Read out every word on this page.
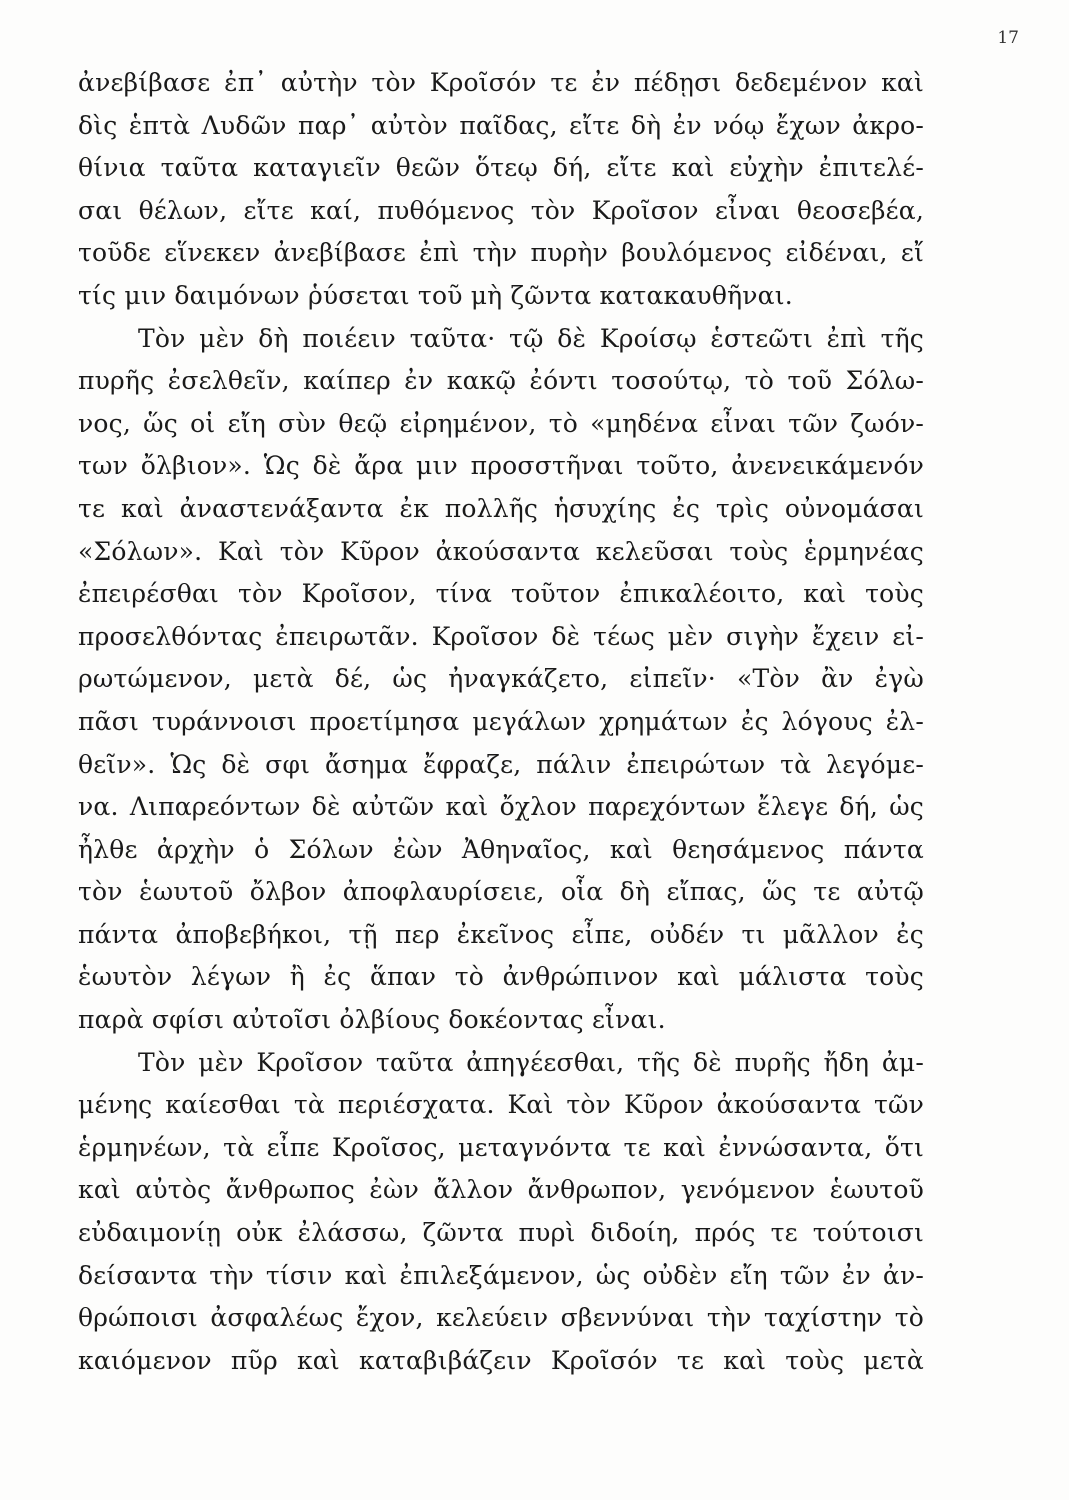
17
ἀνεβίβασε ἐπ᾽ αὐτὴν τὸν Κροῖσόν τε ἐν πέδῃσι δεδεμένον καὶ
δὶς ἑπτὰ Λυδῶν παρ᾽ αὐτὸν παῖδας, εἴτε δὴ ἐν νόῳ ἔχων ἀκρο-
θίνια ταῦτα καταγιεῖν θεῶν ὅτεῳ δή, εἴτε καὶ εὐχὴν ἐπιτελέ-
σαι θέλων, εἴτε καί, πυθόμενος τὸν Κροῖσον εἶναι θεοσεβέα,
τοῦδε εἵνεκεν ἀνεβίβασε ἐπὶ τὴν πυρὴν βουλόμενος εἰδέναι, εἴ
τίς μιν δαιμόνων ῥύσεται τοῦ μὴ ζῶντα κατακαυθῆναι.
Τὸν μὲν δὴ ποιέειν ταῦτα· τῷ δὲ Κροίσῳ ἑστεῶτι ἐπὶ τῆς
πυρῆς ἐσελθεῖν, καίπερ ἐν κακῷ ἐόντι τοσούτῳ, τὸ τοῦ Σόλω-
νος, ὥς οἱ εἴη σὺν θεῷ εἰρημένον, τὸ «μηδένα εἶναι τῶν ζωόν-
των ὄλβιον». Ὡς δὲ ἄρα μιν προσστῆναι τοῦτο, ἀνενεικάμενόν
τε καὶ ἀναστενάξαντα ἐκ πολλῆς ἡσυχίης ἐς τρὶς οὐνομάσαι
«Σόλων». Καὶ τὸν Κῦρον ἀκούσαντα κελεῦσαι τοὺς ἑρμηνέας
ἐπειρέσθαι τὸν Κροῖσον, τίνα τοῦτον ἐπικαλέοιτο, καὶ τοὺς
προσελθόντας ἐπειρωτᾶν. Κροῖσον δὲ τέως μὲν σιγὴν ἔχειν εἰ-
ρωτώμενον, μετὰ δέ, ὡς ἠναγκάζετο, εἰπεῖν· «Τὸν ἂν ἐγὼ
πᾶσι τυράννοισι προετίμησα μεγάλων χρημάτων ἐς λόγους ἐλ-
θεῖν». Ὡς δὲ σφι ἄσημα ἔφραζε, πάλιν ἐπειρώτων τὰ λεγόμε-
να. Λιπαρεόντων δὲ αὐτῶν καὶ ὄχλον παρεχόντων ἔλεγε δή, ὡς
ἦλθε ἀρχὴν ὁ Σόλων ἐὼν Ἀθηναῖος, καὶ θεησάμενος πάντα
τὸν ἑωυτοῦ ὄλβον ἀποφλαυρίσειε, οἷα δὴ εἴπας, ὥς τε αὐτῷ
πάντα ἀποβεβήκοι, τῇ περ ἐκεῖνος εἶπε, οὐδέν τι μᾶλλον ἐς
ἑωυτὸν λέγων ἢ ἐς ἅπαν τὸ ἀνθρώπινον καὶ μάλιστα τοὺς
παρὰ σφίσι αὐτοῖσι ὀλβίους δοκέοντας εἶναι.
Τὸν μὲν Κροῖσον ταῦτα ἀπηγέεσθαι, τῆς δὲ πυρῆς ἤδη ἀμ-
μένης καίεσθαι τὰ περιέσχατα. Καὶ τὸν Κῦρον ἀκούσαντα τῶν
ἑρμηνέων, τὰ εἶπε Κροῖσος, μεταγνόντα τε καὶ ἐννώσαντα, ὅτι
καὶ αὐτὸς ἄνθρωπος ἐὼν ἄλλον ἄνθρωπον, γενόμενον ἑωυτοῦ
εὐδαιμονίῃ οὐκ ἐλάσσω, ζῶντα πυρὶ διδοίη, πρός τε τούτοισι
δείσαντα τὴν τίσιν καὶ ἐπιλεξάμενον, ὡς οὐδὲν εἴη τῶν ἐν ἀν-
θρώποισι ἀσφαλέως ἔχον, κελεύειν σβεννύναι τὴν ταχίστην τὸ
καιόμενον πῦρ καὶ καταβιβάζειν Κροῖσόν τε καὶ τοὺς μετὰ
